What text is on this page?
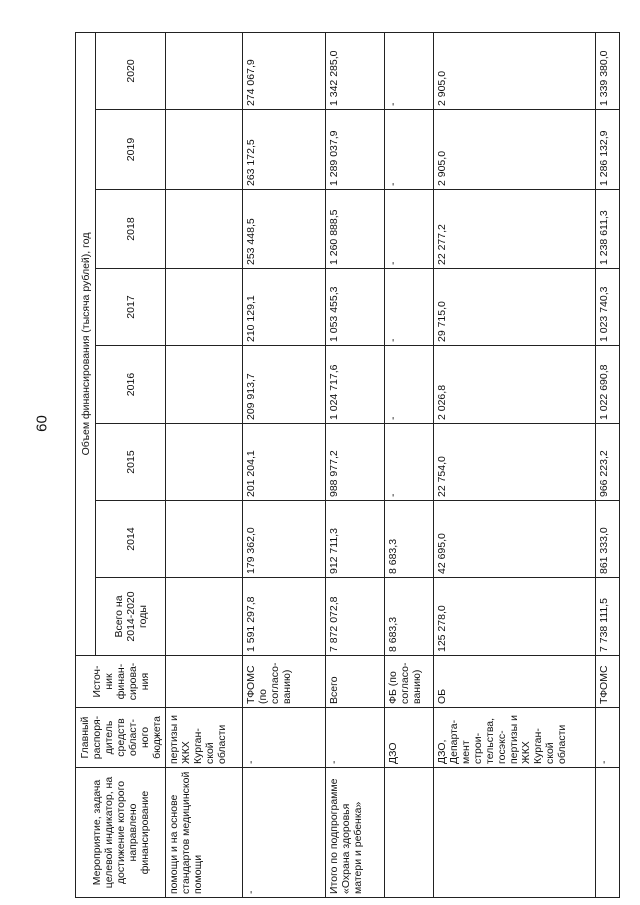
60
Мероприятие, задача целевой индикатор, на достижение которого направлено финансирование	Главный распоря-дитель средств област-ного бюджета	Источ-ник финан-сирова-ния	Объем финансирования (тысяча рублей), год							
			Всего на 2014-2020 годы	2014	2015	2016	2017	2018	2019	2020
помощи и на основе стандартов медицинской помощи	пертизы и ЖКХ Курган-ской области									
-	-	ТФОМС (по согласо-ванию)	1 591 297,8	179 362,0	201 204,1	209 913,7	210 129,1	253 448,5	263 172,5	274 067,9
Итого по подпрограмме «Охрана здоровья матери и ребенка»	-	Всего	7 872 072,8	912 711,3	988 977,2	1 024 717,6	1 053 455,3	1 260 888,5	1 289 037,9	1 342 285,0
	ДЗО	ФБ (по согласо-ванию)	8 683,3	8 683,3	-	-	-	-	-	-
	ДЗО, Департа-мент строи-тельства, госэкс-пертизы и ЖКХ Курган-ской области	ОБ	125 278,0	42 695,0	22 754,0	2 026,8	29 715,0	22 277,2	2 905,0	2 905,0
	-	ТФОМС	7 738 111,5	861 333,0	966 223,2	1 022 690,8	1 023 740,3	1 238 611,3	1 286 132,9	1 339 380,0
